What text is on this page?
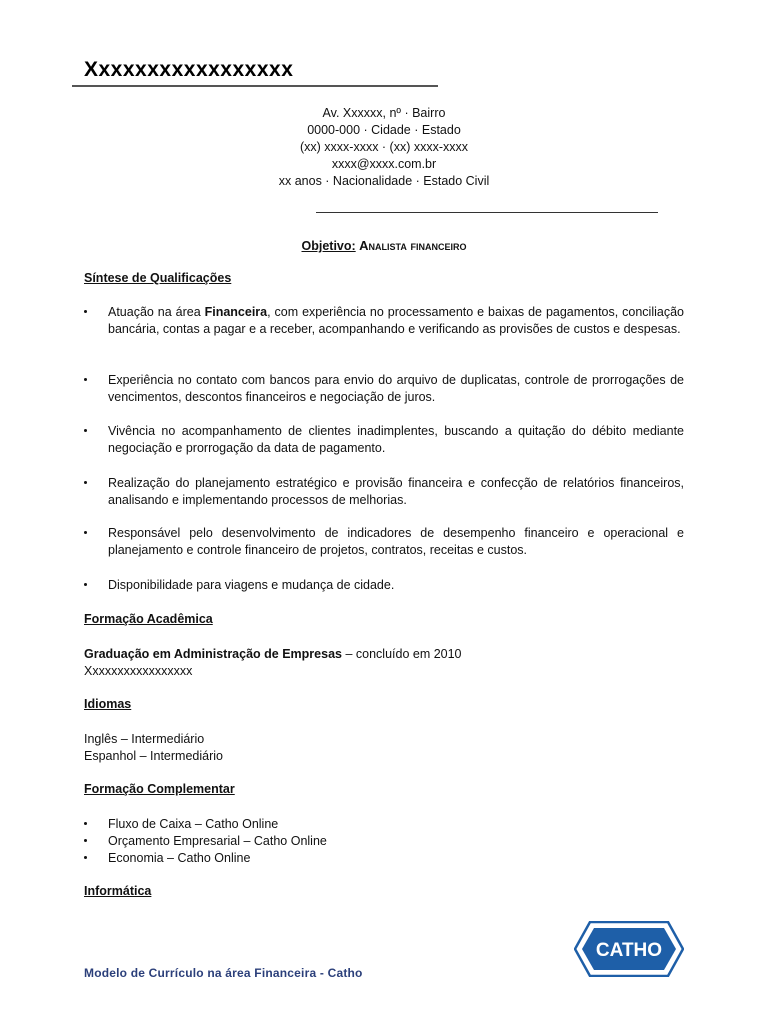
Xxxxxxxxxxxxxxxxx
Av. Xxxxxx, nº · Bairro
0000-000 · Cidade · Estado
(xx) xxxx-xxxx · (xx) xxxx-xxxx
xxxx@xxxx.com.br
xx anos · Nacionalidade · Estado Civil
Objetivo: Analista financeiro
Síntese de Qualificações
Atuação na área Financeira, com experiência no processamento e baixas de pagamentos, conciliação bancária, contas a pagar e a receber, acompanhando e verificando as provisões de custos e despesas.
Experiência no contato com bancos para envio do arquivo de duplicatas, controle de prorrogações de vencimentos, descontos financeiros e negociação de juros.
Vivência no acompanhamento de clientes inadimplentes, buscando a quitação do débito mediante negociação e prorrogação da data de pagamento.
Realização do planejamento estratégico e provisão financeira e confecção de relatórios financeiros, analisando e implementando processos de melhorias.
Responsável pelo desenvolvimento de indicadores de desempenho financeiro e operacional e planejamento e controle financeiro de projetos, contratos, receitas e custos.
Disponibilidade para viagens e mudança de cidade.
Formação Acadêmica
Graduação em Administração de Empresas – concluído em 2010
Xxxxxxxxxxxxxxxxx
Idiomas
Inglês – Intermediário
Espanhol – Intermediário
Formação Complementar
Fluxo de Caixa – Catho Online
Orçamento Empresarial – Catho Online
Economia – Catho Online
Informática
Modelo de Currículo na área Financeira - Catho
CATHO
